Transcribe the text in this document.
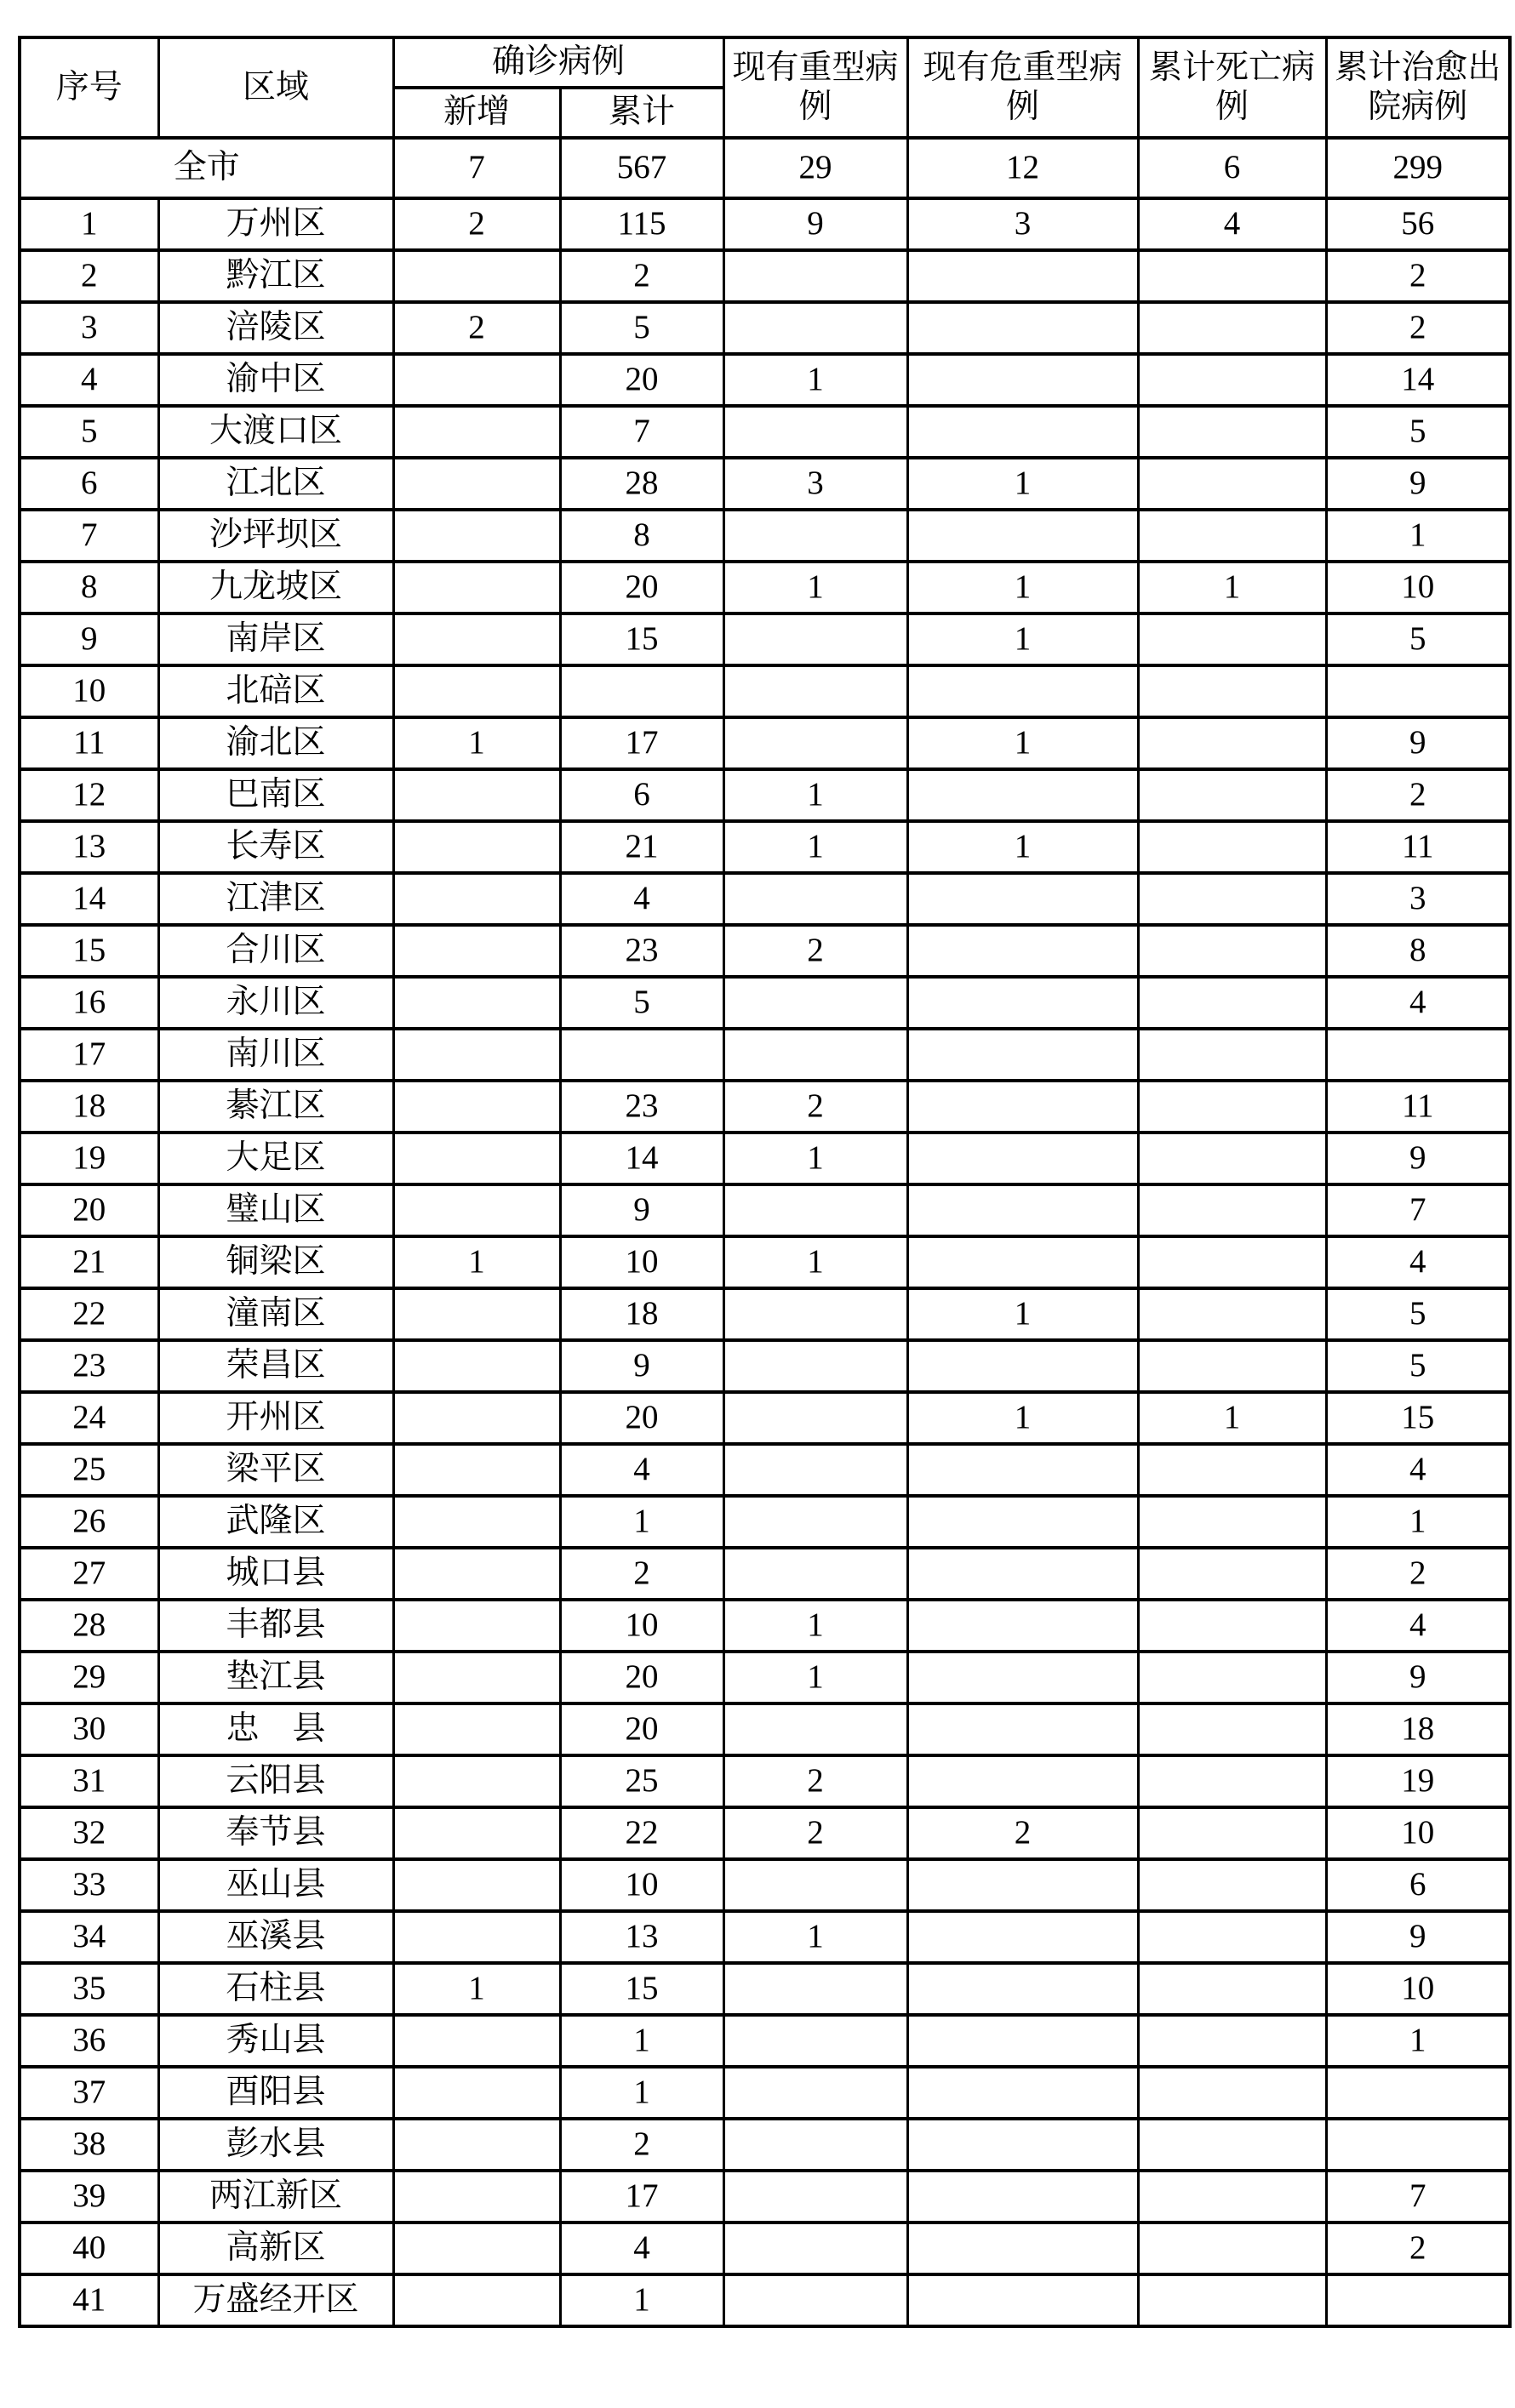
序号	区域	确诊病例		现有重型病例	现有危重型病例	累计死亡病例	累计治愈出院病例
		新增	累计				
全市		7	567	29	12	6	299
1	万州区	2	115	9	3	4	56
2	黔江区		2				2
3	涪陵区	2	5				2
4	渝中区		20	1			14
5	大渡口区		7				5
6	江北区		28	3	1		9
7	沙坪坝区		8				1
8	九龙坡区		20	1	1	1	10
9	南岸区		15		1		5
10	北碚区						
11	渝北区	1	17		1		9
12	巴南区		6	1			2
13	长寿区		21	1	1		11
14	江津区		4				3
15	合川区		23	2			8
16	永川区		5				4
17	南川区						
18	綦江区		23	2			11
19	大足区		14	1			9
20	璧山区		9				7
21	铜梁区	1	10	1			4
22	潼南区		18		1		5
23	荣昌区		9				5
24	开州区		20		1	1	15
25	梁平区		4				4
26	武隆区		1				1
27	城口县		2				2
28	丰都县		10	1			4
29	垫江县		20	1			9
30	忠　县		20				18
31	云阳县		25	2			19
32	奉节县		22	2	2		10
33	巫山县		10				6
34	巫溪县		13	1			9
35	石柱县	1	15				10
36	秀山县		1				1
37	酉阳县		1				
38	彭水县		2				
39	两江新区		17				7
40	高新区		4				2
41	万盛经开区		1				
